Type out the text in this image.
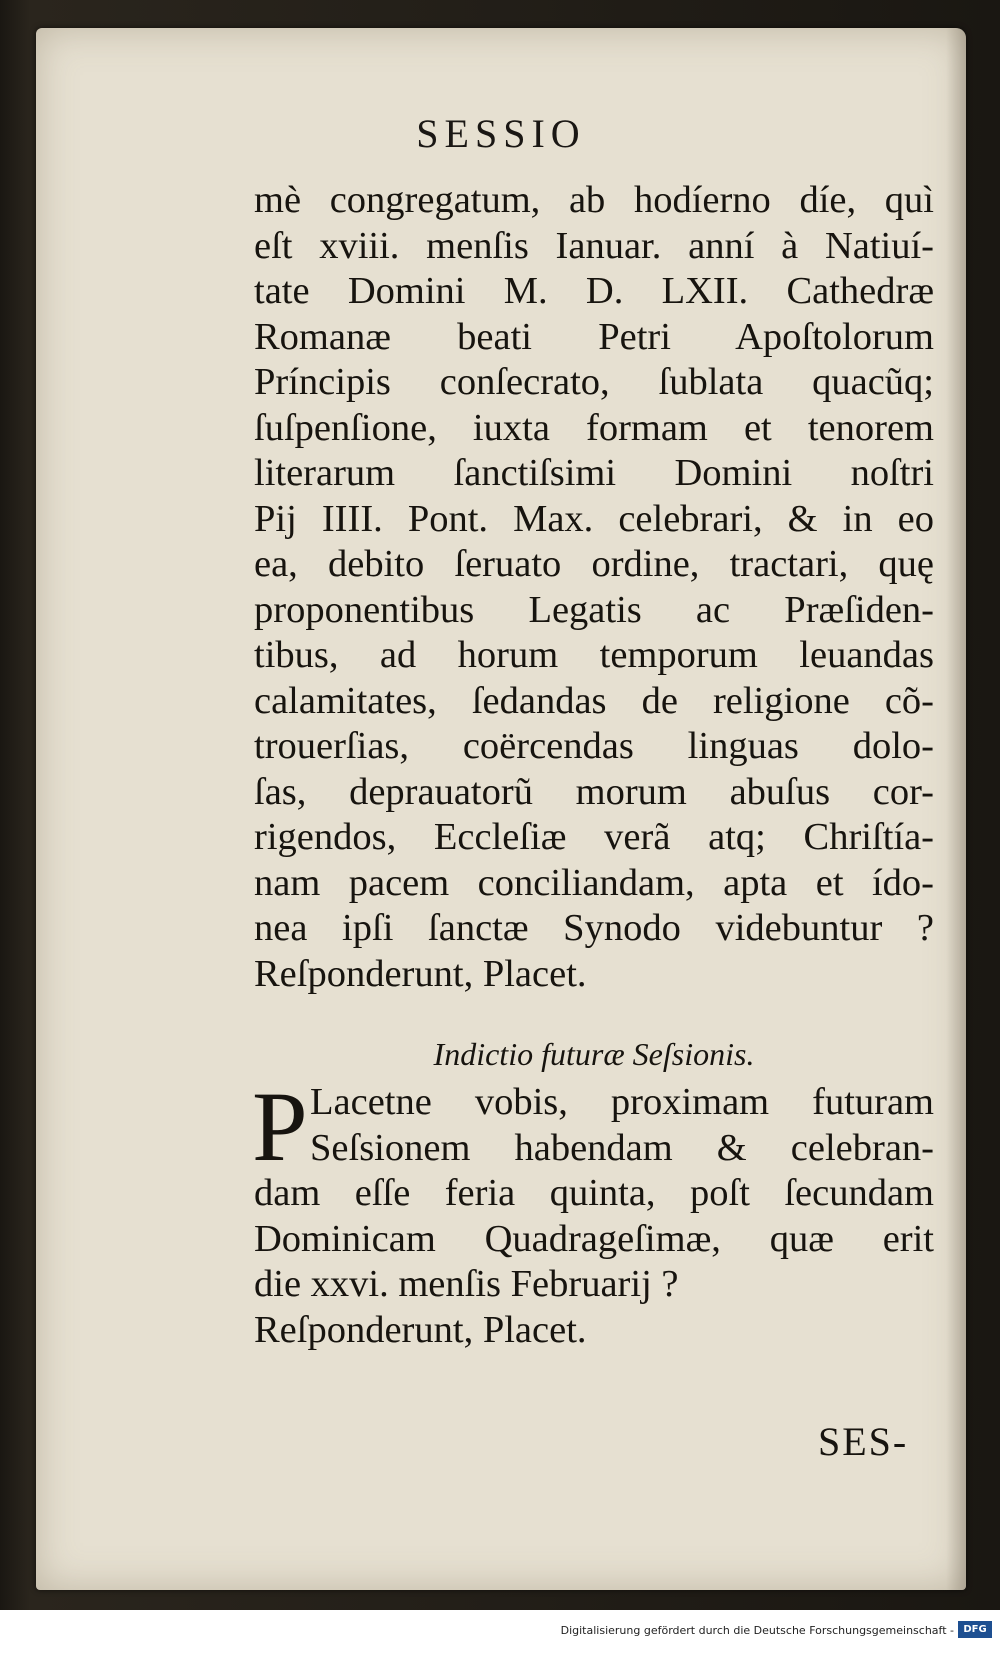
SESSIO
mè congregatum, ab hodíerno díe, quì
eſt xviii. menſis Ianuar. anní à Natiuí-
tate Domini M. D. LXII. Cathedræ
Romanæ beati Petri Apoſtolorum
Príncipis conſecrato, ſublata quacũq;
ſuſpenſione, iuxta formam et tenorem
literarum ſanctiſsimi Domini noſtri
Pij IIII. Pont. Max. celebrari, & in eo
ea, debito ſeruato ordine, tractari, quę
proponentibus Legatis ac Præſiden-
tibus, ad horum temporum leuandas
calamitates, ſedandas de religione cõ-
trouerſias, coërcendas linguas dolo-
ſas, deprauatorũ morum abuſus cor-
rigendos, Eccleſiæ verã atq; Chriſtía-
nam pacem conciliandam, apta et ído-
nea ipſi ſanctæ Synodo videbuntur ?
Reſponderunt, Placet.
Indictio futuræ Seſsionis.
P Lacetne vobis, proximam futuram
Seſsionem habendam & celebran-
dam eſſe feria quinta, poſt ſecundam
Dominicam Quadrageſimæ, quæ erit
die xxvi. menſis Februarij ?
Reſponderunt, Placet.
SES-
Digitalisierung gefördert durch die Deutsche Forschungsgemeinschaft - DFG
